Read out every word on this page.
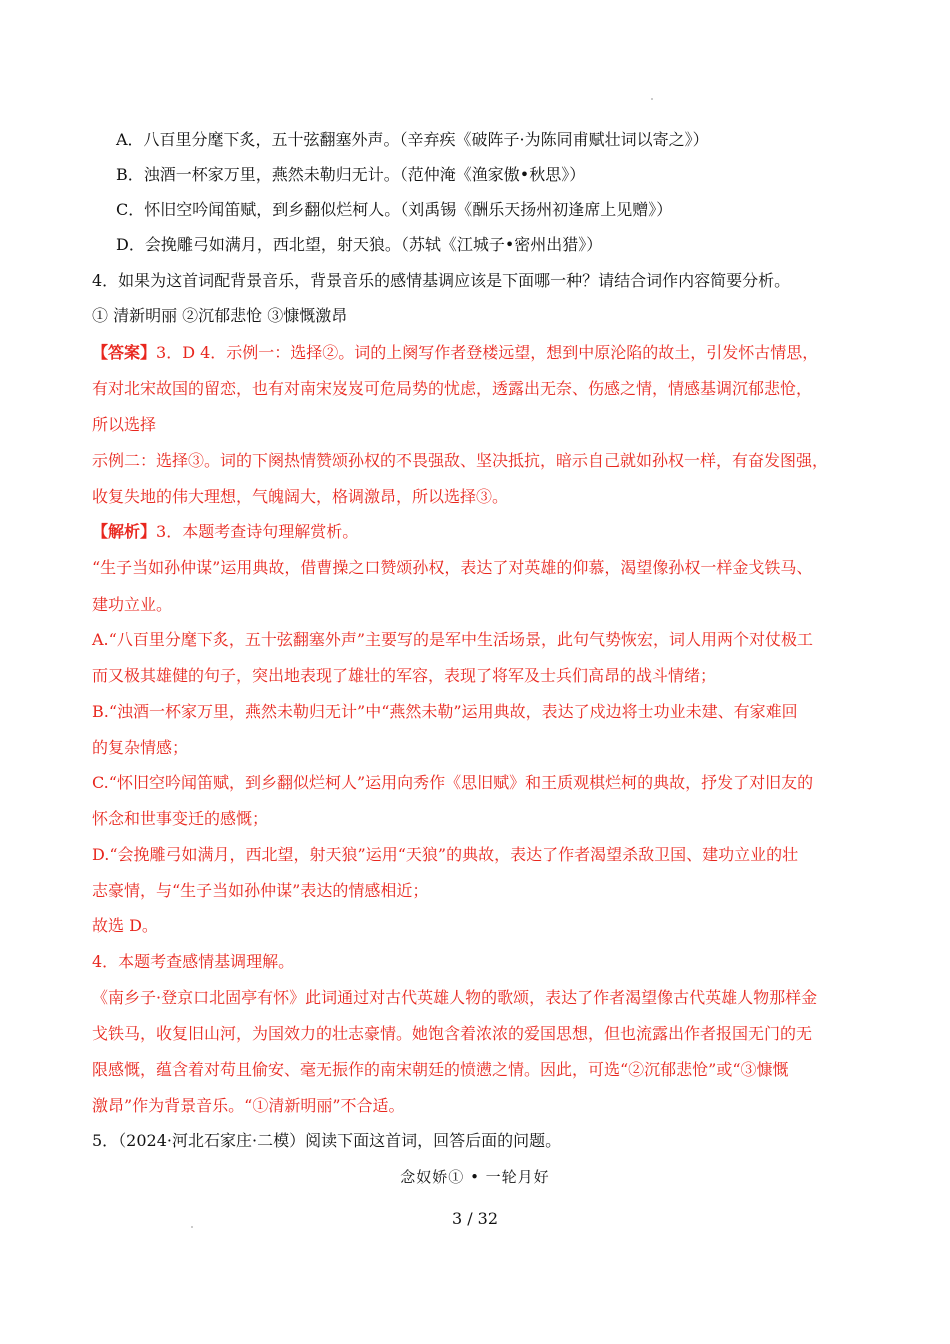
A．八百里分麾下炙，五十弦翻塞外声。（辛弃疾《破阵子·为陈同甫赋壮词以寄之》）
B．浊酒一杯家万里，燕然未勒归无计。（范仲淹《渔家傲•秋思》）
C．怀旧空吟闻笛赋，到乡翻似烂柯人。（刘禹锡《酬乐天扬州初逢席上见赠》）
D．会挽雕弓如满月，西北望，射天狼。（苏轼《江城子•密州出猎》）
4．如果为这首词配背景音乐，背景音乐的感情基调应该是下面哪一种？请结合词作内容简要分析。
① 清新明丽 ②沉郁悲怆 ③慷慨激昂
【答案】3．D 4．示例一：选择②。词的上阕写作者登楼远望，想到中原沦陷的故土，引发怀古情思，
有对北宋故国的留恋，也有对南宋岌岌可危局势的忧虑，透露出无奈、伤感之情，情感基调沉郁悲怆，
所以选择
示例二：选择③。词的下阕热情赞颂孙权的不畏强敌、坚决抵抗，暗示自己就如孙权一样，有奋发图强，
收复失地的伟大理想，气魄阔大，格调激昂，所以选择③。
【解析】3．本题考查诗句理解赏析。
“生子当如孙仲谋”运用典故，借曹操之口赞颂孙权，表达了对英雄的仰慕，渴望像孙权一样金戈铁马、
建功立业。
A.“八百里分麾下炙，五十弦翻塞外声”主要写的是军中生活场景，此句气势恢宏，词人用两个对仗极工
而又极其雄健的句子，突出地表现了雄壮的军容，表现了将军及士兵们高昂的战斗情绪；
B.“浊酒一杯家万里，燕然未勒归无计”中“燕然未勒”运用典故，表达了戍边将士功业未建、有家难回
的复杂情感；
C.“怀旧空吟闻笛赋，到乡翻似烂柯人”运用向秀作《思旧赋》和王质观棋烂柯的典故，抒发了对旧友的
怀念和世事变迁的感慨；
D.“会挽雕弓如满月，西北望，射天狼”运用“天狼”的典故，表达了作者渴望杀敌卫国、建功立业的壮
志豪情，与“生子当如孙仲谋”表达的情感相近；
故选 D。
4．本题考查感情基调理解。
《南乡子·登京口北固亭有怀》此词通过对古代英雄人物的歌颂，表达了作者渴望像古代英雄人物那样金
戈铁马，收复旧山河，为国效力的壮志豪情。她饱含着浓浓的爱国思想，但也流露出作者报国无门的无
限感慨，蕴含着对苟且偷安、毫无振作的南宋朝廷的愤懑之情。因此，可选“②沉郁悲怆”或“③慷慨
激昂”作为背景音乐。“①清新明丽”不合适。
5．（2024·河北石家庄·二模）阅读下面这首词，回答后面的问题。
念奴娇① • 一轮月好
3 / 32
